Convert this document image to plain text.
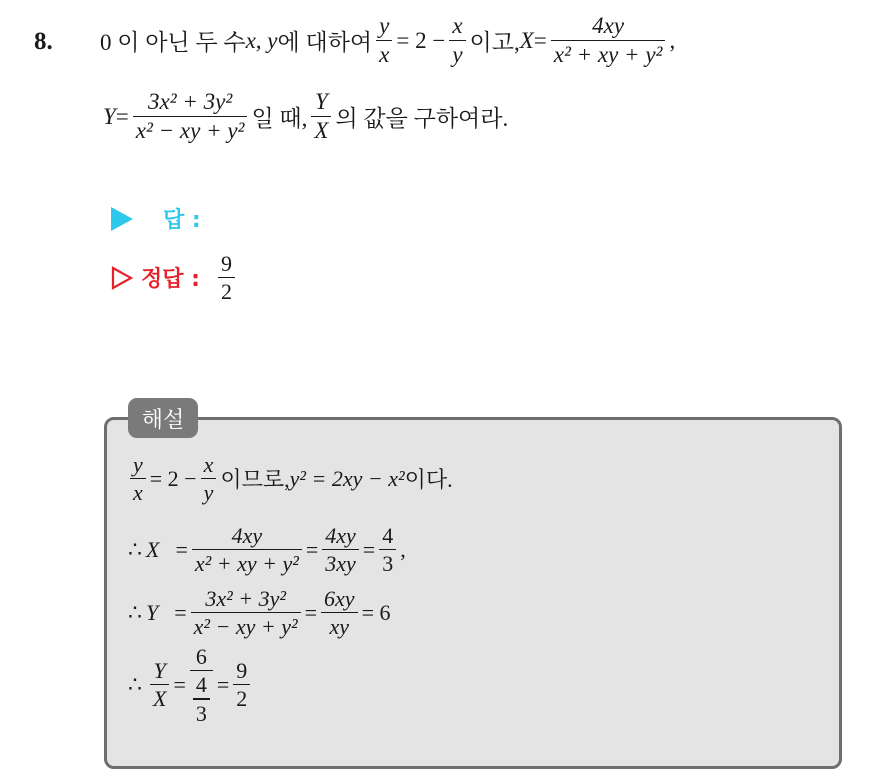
8. 0 이 아닌 두 수 x, y 에 대하여 $\frac{y}{x} = 2 - \frac{x}{y}$ 이고, $X = \frac{4xy}{\text{x² + xy + y²}}$ ,
$Y = \frac{\text{3x² + 3y²}}{\text{x² − xy + y²}}$ 일 때, $\frac{Y}{X}$ 의 값을 구하여라.
답 :
정답 : $\frac{9}{2}$
해설
$\frac{y}{x} = 2 - \frac{x}{y}$ 이므로, y² = 2xy − x² 이다.
∴ $X = \frac{4xy}{\text{x² + xy + y²}} = \frac{4xy}{3xy} = \frac{4}{3}$ ,
∴ $Y = \frac{\text{3x² + 3y²}}{\text{x² − xy + y²}} = \frac{6xy}{xy} = 6$
∴ $\frac{Y}{X} = \frac{6}{\frac{4}{3}} = \frac{9}{2}$
